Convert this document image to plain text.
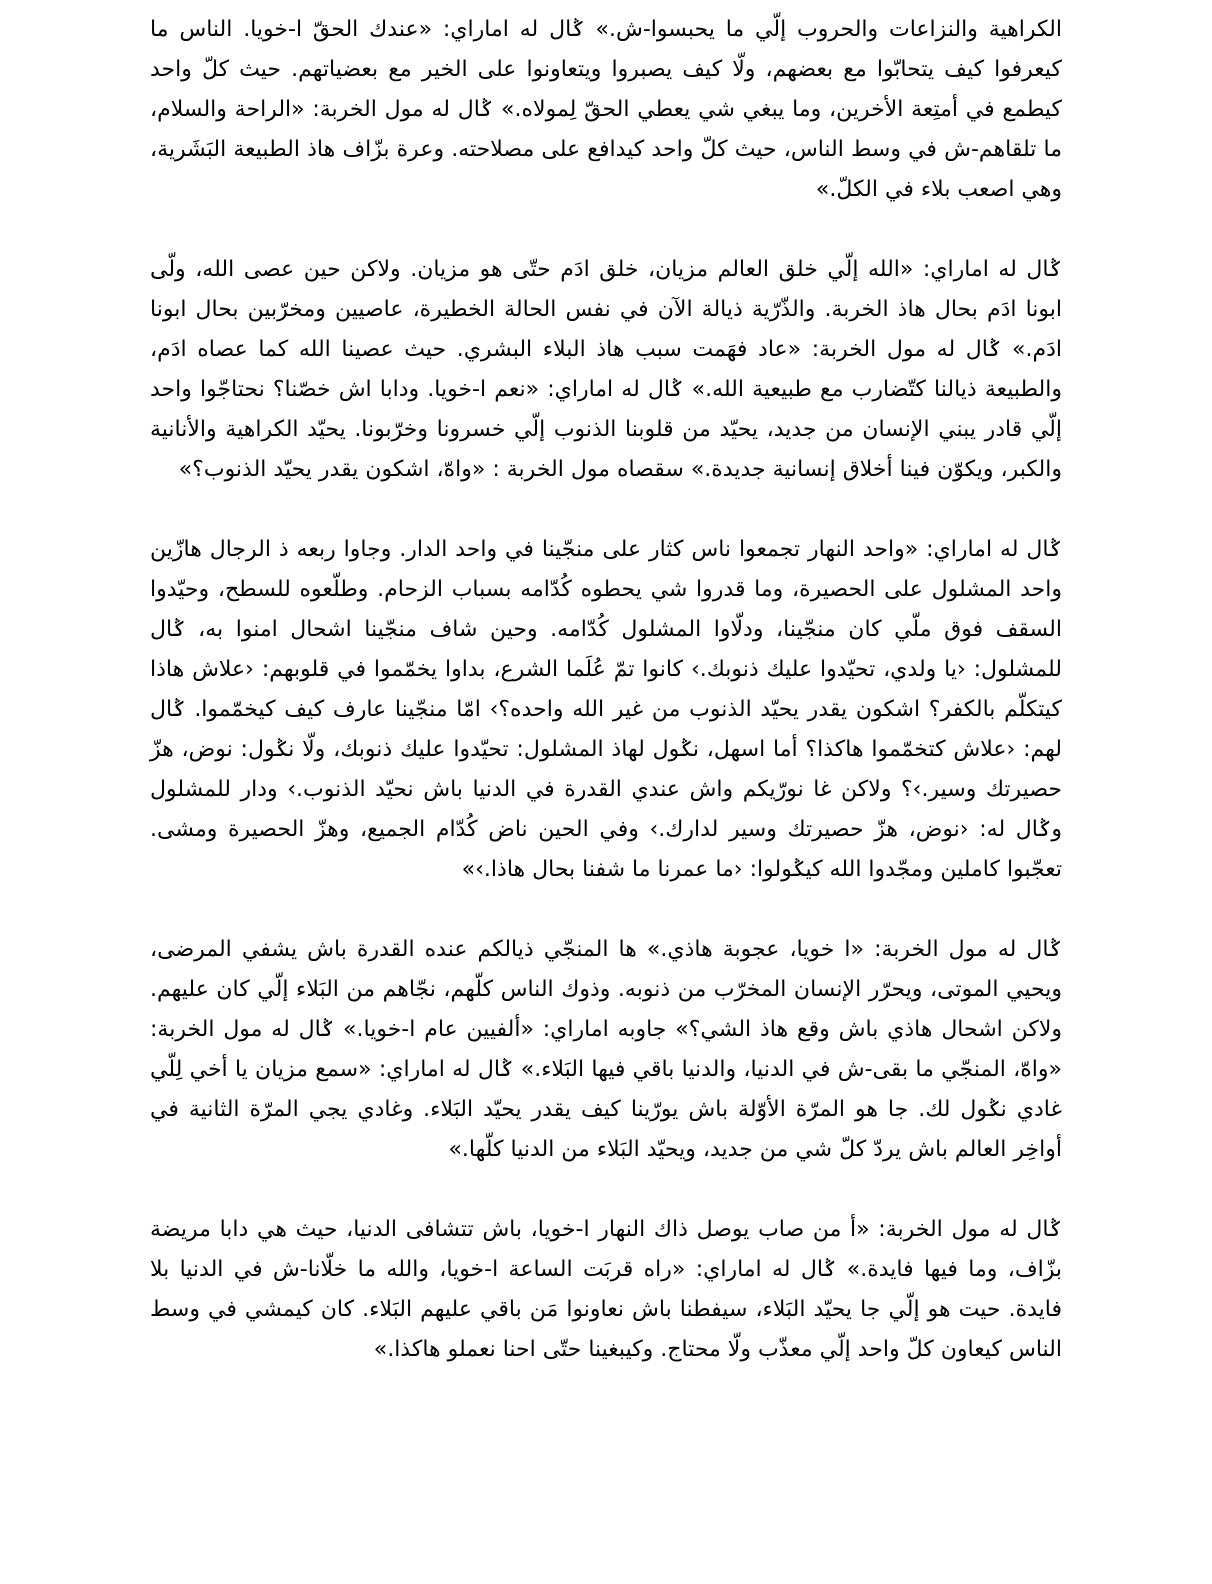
الكراهية والنزاعات والحروب إلّي ما يحبسوا-ش.» ݣال له اماراي: «عندك الحقّ ا-خويا. الناس ما كيعرفوا كيف يتحابّوا مع بعضهم، ولّا كيف يصبروا ويتعاونوا على الخير مع بعضياتهم. حيث كلّ واحد كيطمع في أمتِعة الأخرين، وما يبغي شي يعطي الحقّ لِمولاه.» ݣال له مول الخربة: «الراحة والسلام، ما تلقاهم-ش في وسط الناس، حيث كلّ واحد كيدافع على مصلاحته. وعرة بزّاف هاذ الطبيعة البَشَرية، وهي اصعب بلاء في الكلّ.»

ݣال له اماراي: «الله إلّي خلق العالم مزيان، خلق ادَم حتّى هو مزيان. ولاكن حين عصى الله، ولّى ابونا ادَم بحال هاذ الخربة. والذّرّية ذيالة الآن في نفس الحالة الخطيرة، عاصيين ومخرّبين بحال ابونا ادَم.» ݣال له مول الخربة: «عاد فهَمت سبب هاذ البلاء البشري. حيث عصينا الله كما عصاه ادَم، والطبيعة ذيالنا كتّضارب مع طبيعية الله.» ݣال له اماراي: «نعم ا-خويا. ودابا اش خصّنا؟ نحتاجّوا واحد إلّي قادر يبني الإنسان من جديد، يحيّد من قلوبنا الذنوب إلّي خسرونا وخرّبونا. يحيّد الكراهية والأنانية والكبر، ويكوّن فينا أخلاق إنسانية جديدة.» سقصاه مول الخربة : «واهّ، اشكون يقدر يحيّد الذنوب؟»

ݣال له اماراي: «واحد النهار تجمعوا ناس كثار على منجّينا في واحد الدار. وجاوا ربعه ذ الرجال هازّين واحد المشلول على الحصيرة، وما قدروا شي يحطوه كُدّامه بسباب الزحام. وطلّعوه للسطح، وحيّدوا السقف فوق ملّي كان منجّينا، ودلّاوا المشلول كُدّامه. وحين شاف منجّينا اشحال امنوا به، ݣال للمشلول: ‹يا ولدي، تحيّدوا عليك ذنوبك.› كانوا تمّ عُلَما الشرع، بداوا يخمّموا في قلوبهم: ‹علاش هاذا كيتكلّم بالكفر؟ اشكون يقدر يحيّد الذنوب من غير الله واحده؟› امّا منجّينا عارف كيف كيخمّموا. ݣال لهم: ‹علاش كتخمّموا هاكذا؟ أما اسهل، نݣول لهاذ المشلول: تحيّدوا عليك ذنوبك، ولّا نݣول: نوض، هزّ حصيرتك وسير.›؟ ولاكن غا نورّيكم واش عندي القدرة في الدنيا باش نحيّد الذنوب.› ودار للمشلول وݣال له: ‹نوض، هزّ حصيرتك وسير لدارك.› وفي الحين ناض كُدّام الجميع، وهزّ الحصيرة ومشى. تعجّبوا كاملين ومجّدوا الله كيݣولوا: ‹ما عمرنا ما شفنا بحال هاذا.›»

ݣال له مول الخربة: «ا خويا، عجوبة هاذي.» ها المنجّي ذيالكم عنده القدرة باش يشفي المرضى، ويحيي الموتى، ويحرّر الإنسان المخرّب من ذنوبه. وذوك الناس كلّهم، نجّاهم من البَلاء إلّي كان عليهم. ولاكن اشحال هاذي باش وقع هاذ الشي؟» جاوبه اماراي: «ألفيين عام ا-خويا.» ݣال له مول الخربة: «واهّ، المنجّي ما بقى-ش في الدنيا، والدنيا باقي فيها البَلاء.» ݣال له اماراي: «سمع مزيان يا أخي لِلّي غادي نݣول لك. جا هو المرّة الأوّلة باش يورّينا كيف يقدر يحيّد البَلاء. وغادي يجي المرّة الثانية في أواخِر العالم باش يردّ كلّ شي من جديد، ويحيّد البَلاء من الدنيا كلّها.»

ݣال له مول الخربة: «أ من صاب يوصل ذاك النهار ا-خويا، باش تتشافى الدنيا، حيث هي دابا مريضة بزّاف، وما فيها فايدة.» ݣال له اماراي: «راه قربَت الساعة ا-خويا، والله ما خلّانا-ش في الدنيا بلا فايدة. حيت هو إلّي جا يحيّد البَلاء، سيفطنا باش نعاونوا مَن باقي عليهم البَلاء. كان كيمشي في وسط الناس كيعاون كلّ واحد إلّي معذّب ولّا محتاج. وكيبغينا حتّى احنا نعملو هاكذا.»
